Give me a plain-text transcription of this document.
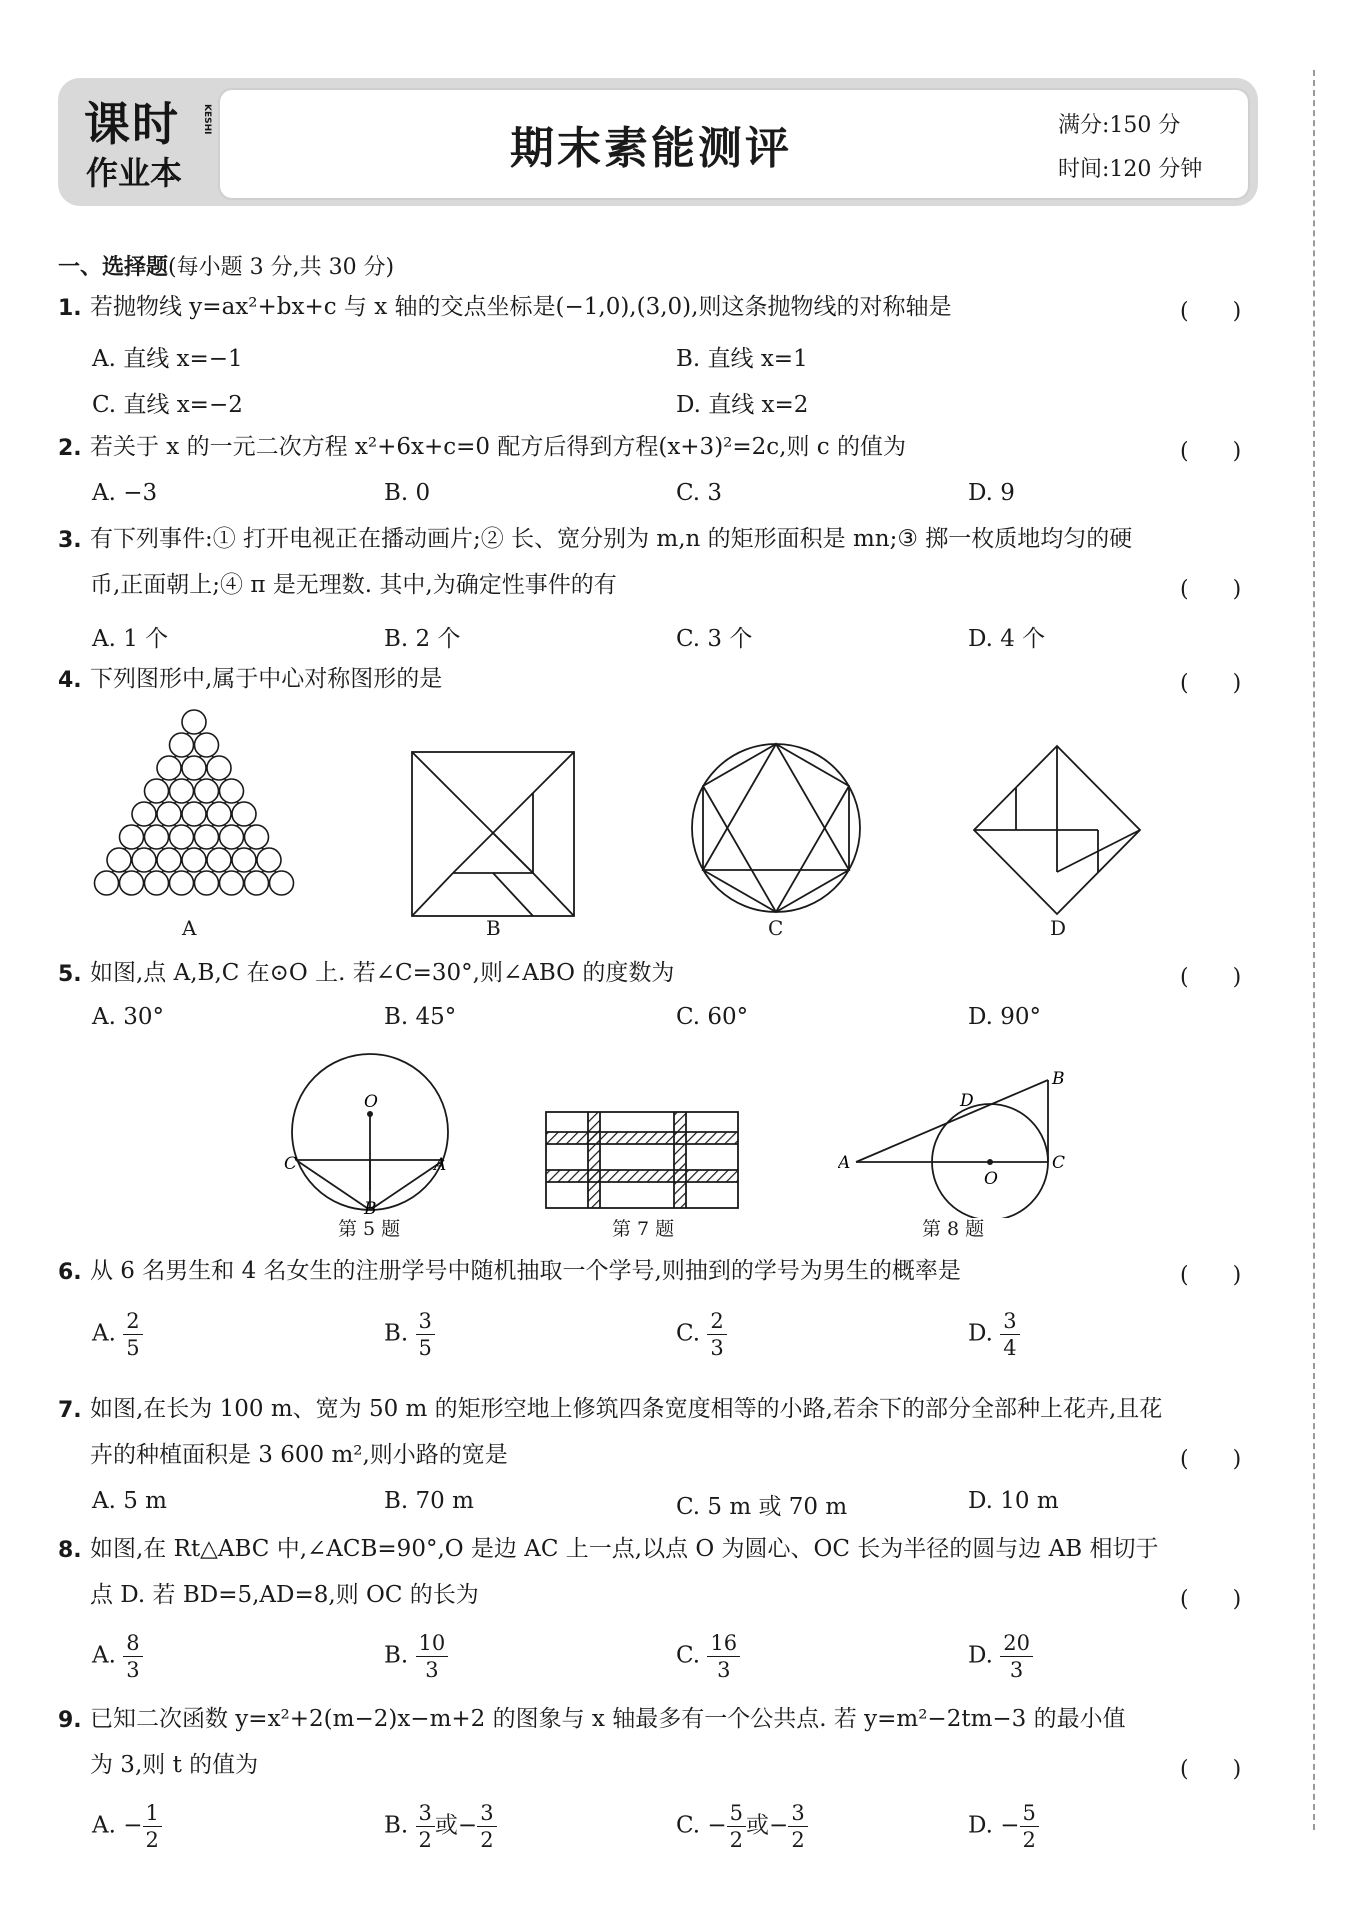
课时
作业本
KESHI
期末素能测评	满分:150 分
时间:120 分钟
一、选择题(每小题 3 分,共 30 分)
1. 若抛物线 y=ax²+bx+c 与 x 轴的交点坐标是(−1,0),(3,0),则这条抛物线的对称轴是	(　　)
A. 直线 x=−1	B. 直线 x=1
C. 直线 x=−2	D. 直线 x=2
2. 若关于 x 的一元二次方程 x²+6x+c=0 配方后得到方程(x+3)²=2c,则 c 的值为	(　　)
A. −3	B. 0	C. 3	D. 9
3. 有下列事件:① 打开电视正在播动画片;② 长、宽分别为 m,n 的矩形面积是 mn;③ 掷一枚质地均匀的硬
币,正面朝上;④ π 是无理数. 其中,为确定性事件的有	(　　)
A. 1 个	B. 2 个	C. 3 个	D. 4 个
4. 下列图形中,属于中心对称图形的是	(　　)
A	B	C	D
5. 如图,点 A,B,C 在⊙O 上. 若∠C=30°,则∠ABO 的度数为	(　　)
A. 30°	B. 45°	C. 60°	D. 90°
O
C	A
B
第 5 题	第 7 题
A
B
C
D
O
第 8 题
6. 从 6 名男生和 4 名女生的注册学号中随机抽取一个学号,则抽到的学号为男生的概率是	(　　)
A. $\frac{2}{5}$	B. $\frac{3}{5}$	C. $\frac{2}{3}$	D. $\frac{3}{4}$
7. 如图,在长为 100 m、宽为 50 m 的矩形空地上修筑四条宽度相等的小路,若余下的部分全部种上花卉,且花
卉的种植面积是 3 600 m²,则小路的宽是	(　　)
A. 5 m	B. 70 m	C. 5 m 或 70 m	D. 10 m
8. 如图,在 Rt△ABC 中,∠ACB=90°,O 是边 AC 上一点,以点 O 为圆心、OC 长为半径的圆与边 AB 相切于
点 D. 若 BD=5,AD=8,则 OC 的长为	(　　)
A. $\frac{8}{3}$	B. $\frac{10}{3}$	C. $\frac{16}{3}$	D. $\frac{20}{3}$
9. 已知二次函数 y=x²+2(m−2)x−m+2 的图象与 x 轴最多有一个公共点. 若 y=m²−2tm−3 的最小值
为 3,则 t 的值为	(　　)
A. − $\frac{1}{2}$	B. $\frac{3}{2}$ 或− $\frac{3}{2}$	C. − $\frac{5}{2}$ 或− $\frac{3}{2}$	D. − $\frac{5}{2}$
